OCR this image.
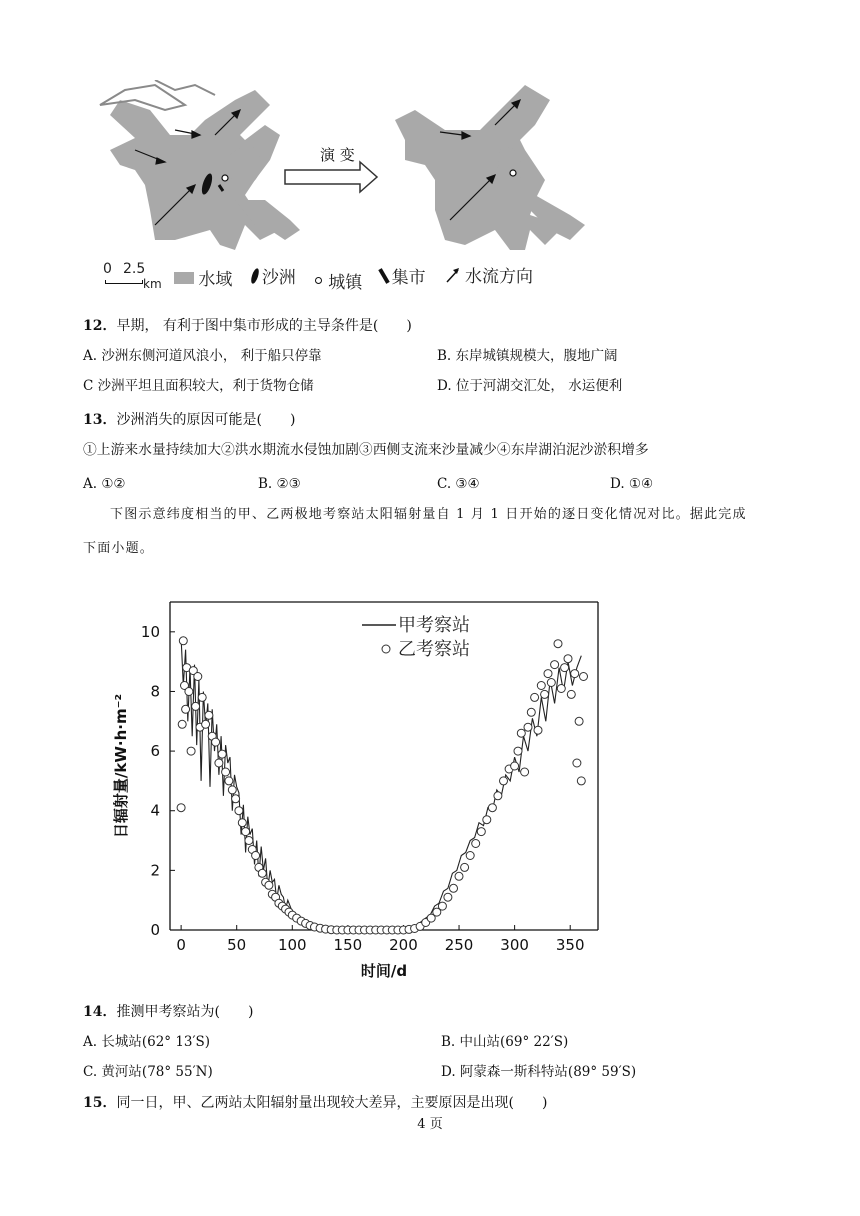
演 变
0 2.5
km
水域
沙洲
城镇
集市
水流方向
12．早期， 有利于图中集市形成的主导条件是(　　)
A. 沙洲东侧河道风浪小， 利于船只停靠	B. 东岸城镇规模大，腹地广阔
C 沙洲平坦且面积较大，利于货物仓储	D. 位于河湖交汇处， 水运便利
13．沙洲消失的原因可能是(　　)
①上游来水量持续加大②洪水期流水侵蚀加剧③西侧支流来沙量减少④东岸湖泊泥沙淤积增多
A. ①②	B. ②③	C. ③④	D. ①④
下图示意纬度相当的甲、乙两极地考察站太阳辐射量自 1 月 1 日开始的逐日变化情况对比。据此完成
下面小题。
0	50 100 150 200 250 300 350
0
2
4
6
8
10
时间/d
日辐射量/kW·h·m⁻²
甲考察站
乙考察站
14．推测甲考察站为(　　)
A. 长城站(62° 13′S)	B. 中山站(69° 22′S)
C. 黄河站(78° 55′N)	D. 阿蒙森一斯科特站(89° 59′S)
15．同一日，甲、乙两站太阳辐射量出现较大差异，主要原因是出现(　　)
4 页
